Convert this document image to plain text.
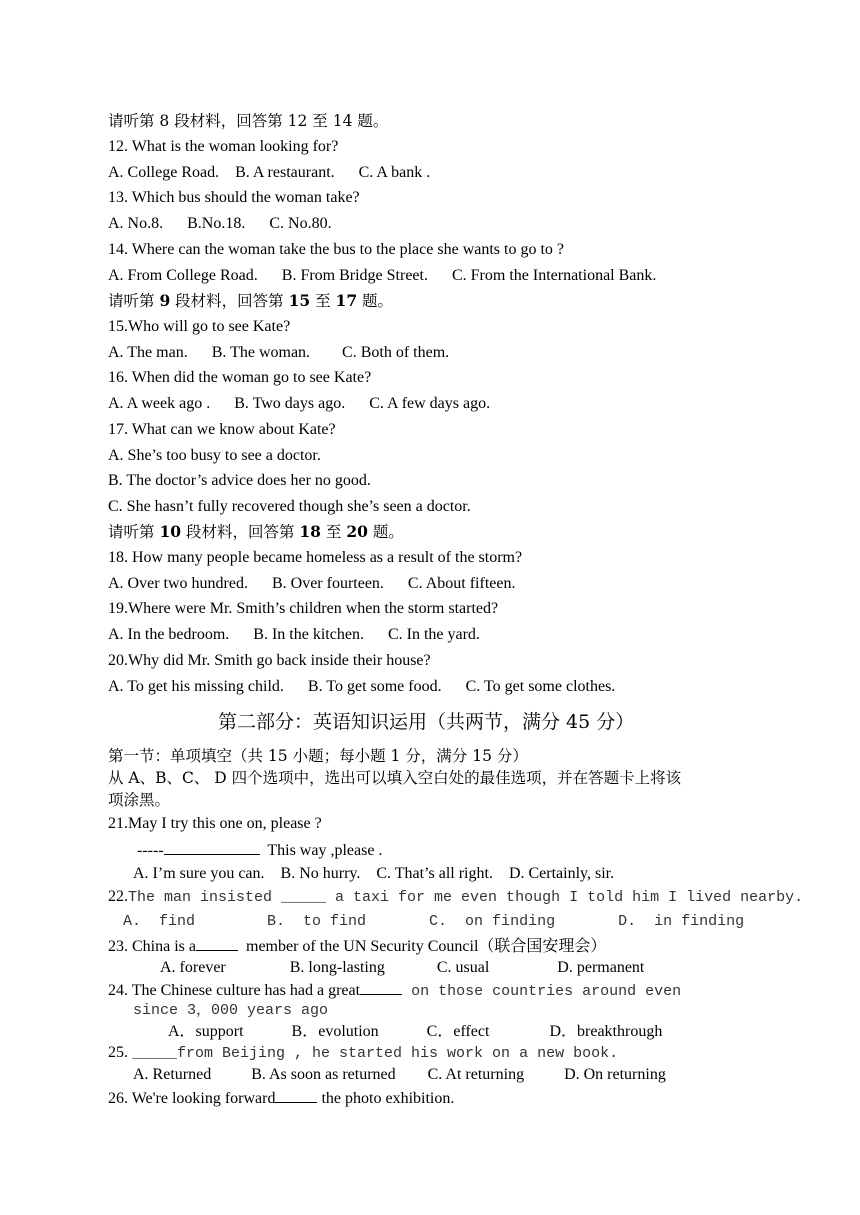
请听第 8 段材料，回答第 12 至 14 题。
12. What is the woman looking for?
A. College Road.    B. A restaurant.      C. A bank .
13. Which bus should the woman take?
A. No.8.      B.No.18.      C. No.80.
14. Where can the woman take the bus to the place she wants to go to ?
A. From College Road.      B. From Bridge Street.      C. From the International Bank.
请听第 9 段材料，回答第 15 至 17 题。
15.Who will go to see Kate?
A. The man.      B. The woman.        C. Both of them.
16. When did the woman go to see Kate?
A. A week ago .      B. Two days ago.      C. A few days ago.
17. What can we know about Kate?
A. She’s too busy to see a doctor.
B. The doctor’s advice does her no good.
C. She hasn’t fully recovered though she’s seen a doctor.
请听第 10 段材料，回答第 18 至 20 题。
18. How many people became homeless as a result of the storm?
A. Over two hundred.      B. Over fourteen.      C. About fifteen.
19.Where were Mr. Smith’s children when the storm started?
A. In the bedroom.      B. In the kitchen.      C. In the yard.
20.Why did Mr. Smith go back inside their house?
A. To get his missing child.      B. To get some food.      C. To get some clothes.
第二部分：英语知识运用（共两节，满分 45 分）
第一节：单项填空（共 15 小题；每小题 1 分，满分 15 分）
从 A、B、C、 D 四个选项中，选出可以填入空白处的最佳选项，并在答题卡上将该
项涂黑。
21.May I try this one on, please ?
-----	This way ,please .
A. I’m sure you can.    B. No hurry.    C. That’s all right.    D. Certainly, sir.
22.The man insisted _____ a taxi for me even though I told him I lived nearby.
A.  find        B.  to find       C.  on finding       D.  in finding
23. China is a	member of the UN Security Council（联合国安理会）
A. forever                B. long-lasting             C. usual                 D. permanent
24. The Chinese culture has had a great	on those countries around even
since 3，000 years ago
A．support            B．evolution            C．effect               D．breakthrough
25. _____from Beijing , he started his work on a new book.
A. Returned          B. As soon as returned        C. At returning          D. On returning
26. We're looking forward	the photo exhibition.
